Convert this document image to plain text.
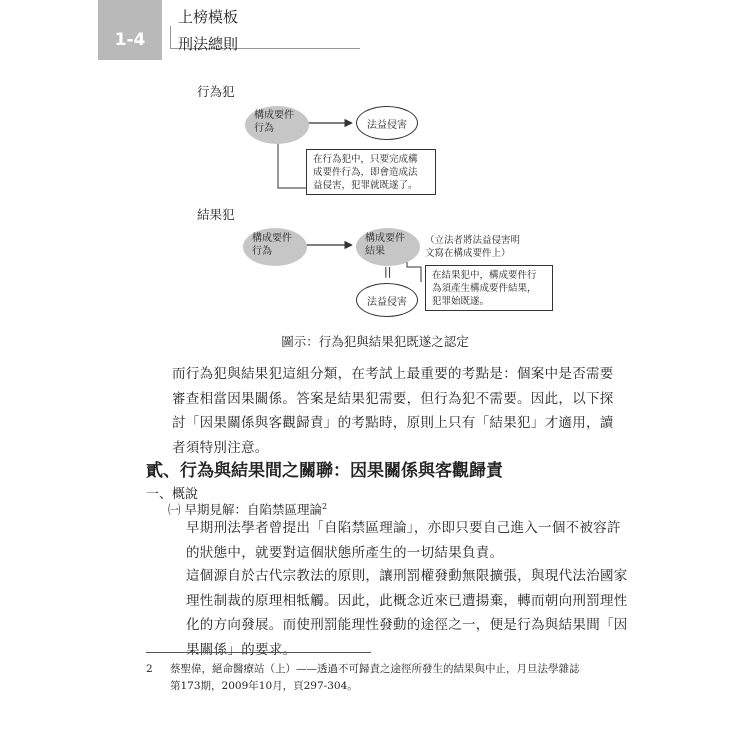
1-4
上榜模板
刑法總則
行為犯
構成要件
行為	法益侵害
在行為犯中，只要完成構
成要件行為，即會造成法
益侵害，犯罪就既遂了。
結果犯
構成要件
行為
構成要件
結果
（立法者將法益侵害明
文寫在構成要件上）
||
法益侵害
在結果犯中，構成要件行
為須產生構成要件結果，
犯罪始既遂。
圖示：行為犯與結果犯既遂之認定
而行為犯與結果犯這組分類，在考試上最重要的考點是：個案中是否需要
審查相當因果關係。答案是結果犯需要，但行為犯不需要。因此，以下探
討「因果關係與客觀歸責」的考點時，原則上只有「結果犯」才適用，讀
者須特別注意。
貳、行為與結果間之關聯：因果關係與客觀歸責
一、概說
㈠ 早期見解：自陷禁區理論$^2$
早期刑法學者曾提出「自陷禁區理論」，亦即只要自己進入一個不被容許
的狀態中，就要對這個狀態所產生的一切結果負責。
這個源自於古代宗教法的原則，讓刑罰權發動無限擴張，與現代法治國家
理性制裁的原理相牴觸。因此，此概念近來已遭揚棄，轉而朝向刑罰理性
化的方向發展。而使刑罰能理性發動的途徑之一，便是行為與結果間「因
果關係」的要求。
2 蔡聖偉，絕命醫療站（上）——透過不可歸責之途徑所發生的結果與中止，月旦法學雜誌
第173期，2009年10月，頁297-304。
